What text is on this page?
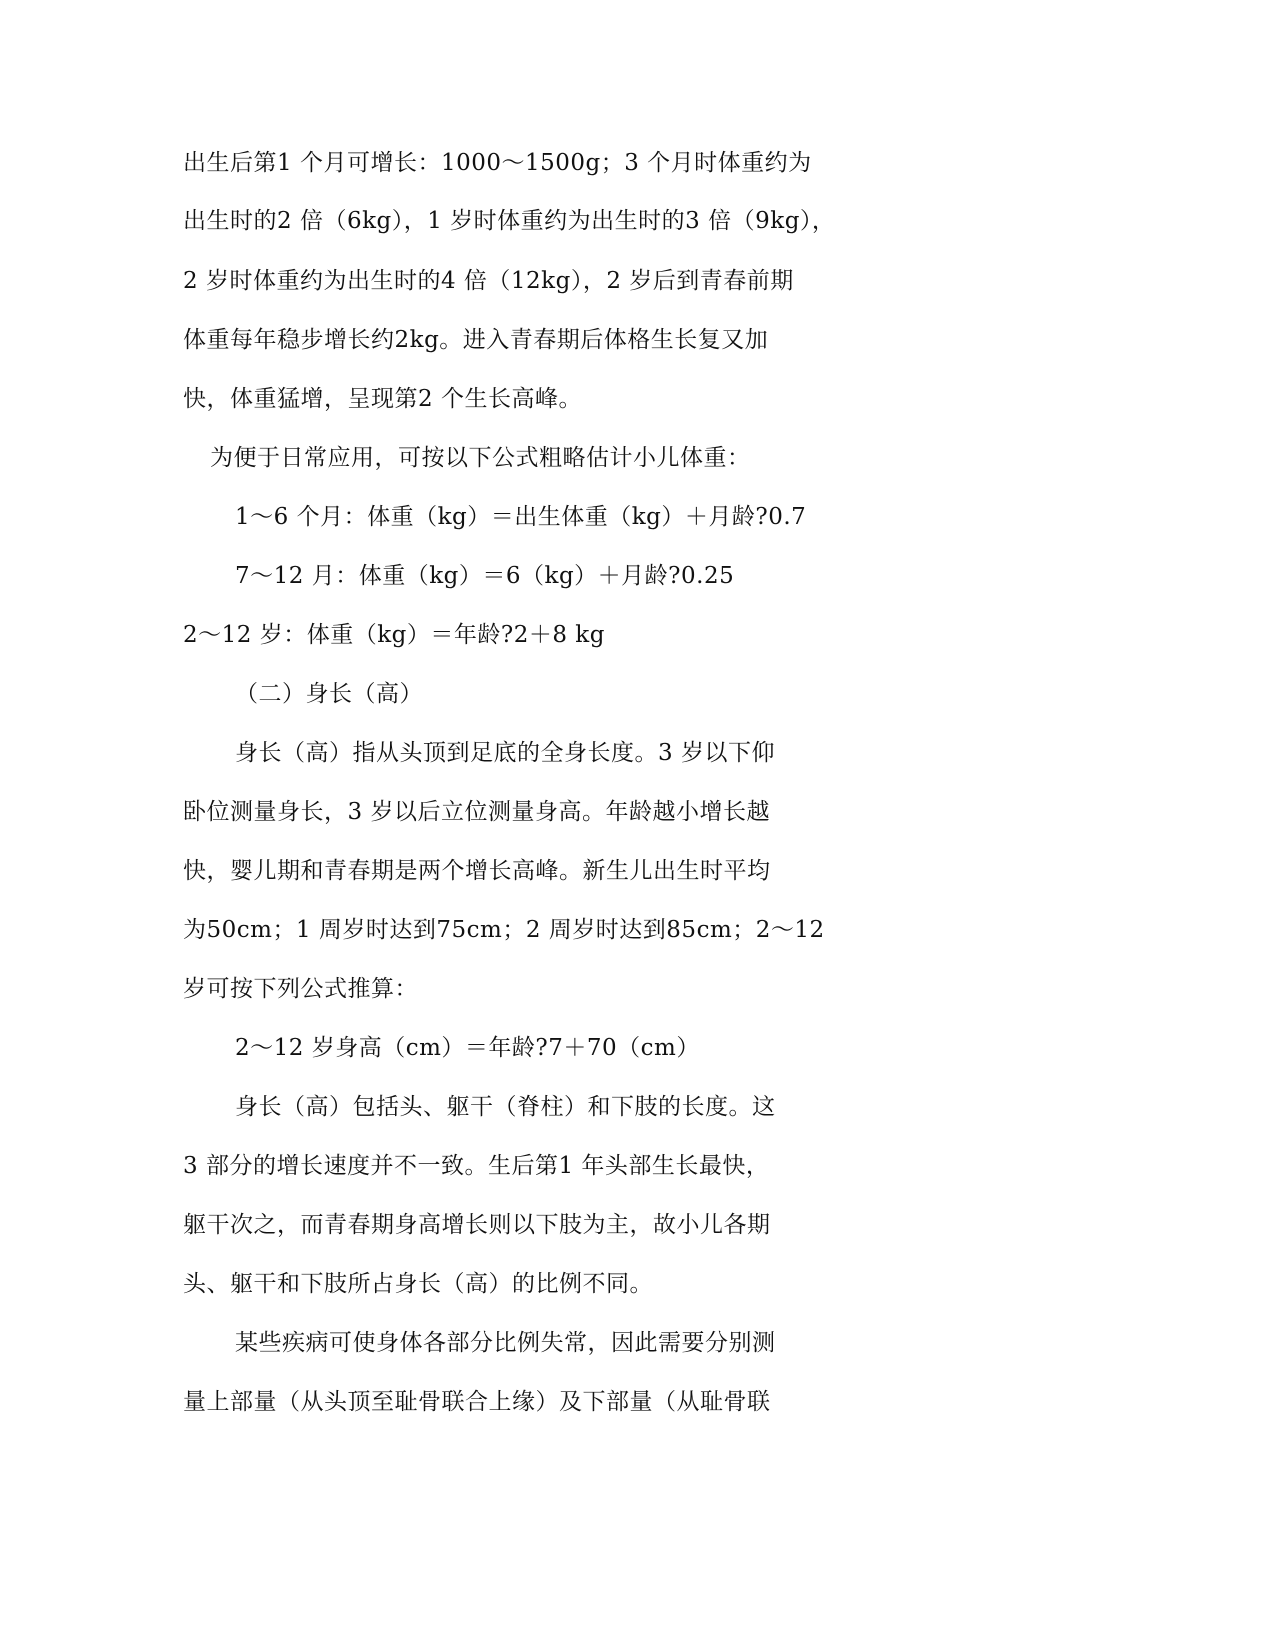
出生后第1 个月可增长：1000～1500g；3 个月时体重约为
出生时的2 倍（6kg），1 岁时体重约为出生时的3 倍（9kg），
2 岁时体重约为出生时的4 倍（12kg），2 岁后到青春前期
体重每年稳步增长约2kg。进入青春期后体格生长复又加
快，体重猛增，呈现第2 个生长高峰。
为便于日常应用，可按以下公式粗略估计小儿体重：
1～6 个月：体重（kg）＝出生体重（kg）＋月龄?0.7
7～12 月：体重（kg）＝6（kg）＋月龄?0.25
2～12 岁：体重（kg）＝年龄?2＋8 kg
（二）身长（高）
身长（高）指从头顶到足底的全身长度。3 岁以下仰
卧位测量身长，3 岁以后立位测量身高。年龄越小增长越
快，婴儿期和青春期是两个增长高峰。新生儿出生时平均
为50cm；1 周岁时达到75cm；2 周岁时达到85cm；2～12
岁可按下列公式推算：
2～12 岁身高（cm）＝年龄?7＋70（cm）
身长（高）包括头、躯干（脊柱）和下肢的长度。这
3 部分的增长速度并不一致。生后第1 年头部生长最快，
躯干次之，而青春期身高增长则以下肢为主，故小儿各期
头、躯干和下肢所占身长（高）的比例不同。
某些疾病可使身体各部分比例失常，因此需要分别测
量上部量（从头顶至耻骨联合上缘）及下部量（从耻骨联
